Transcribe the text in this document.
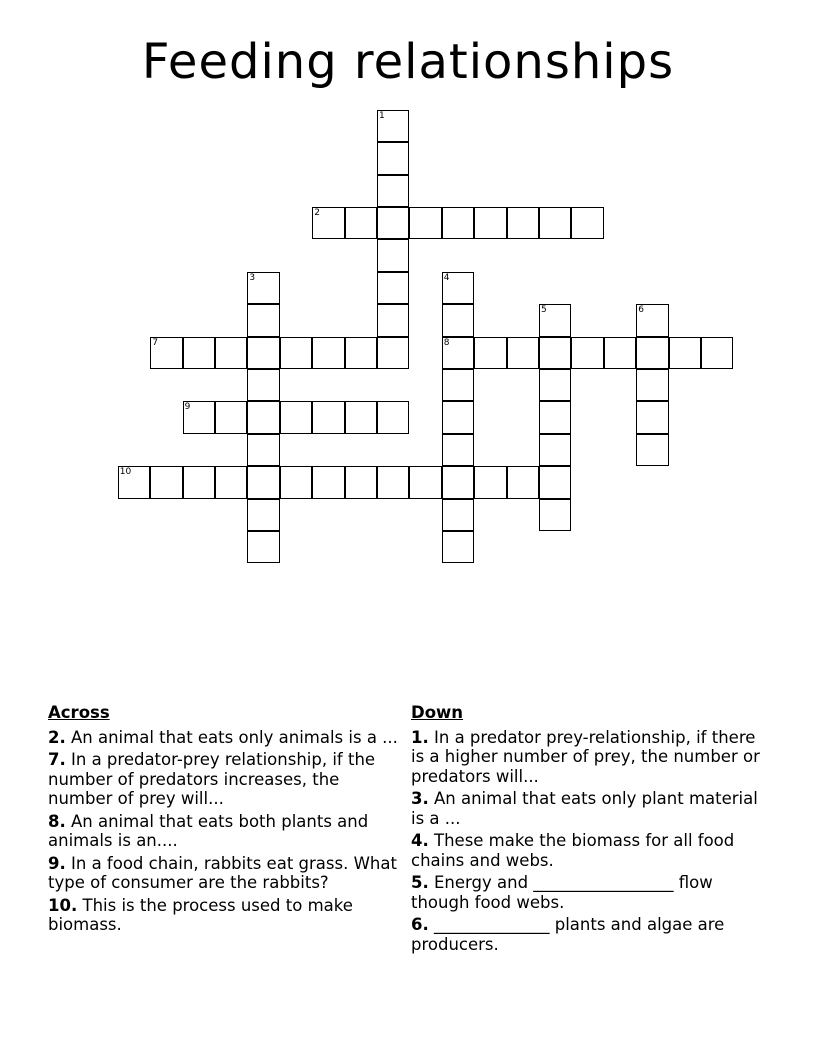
Feeding relationships
1
2
3	4
8
5	6
7
9
10
Across
2. An animal that eats only animals is a ...
7. In a predator-prey relationship, if the number of predators increases, the number of prey will...
8. An animal that eats both plants and animals is an....
9. In a food chain, rabbits eat grass. What type of consumer are the rabbits?
10. This is the process used to make biomass.
Down
1. In a predator prey-relationship, if there is a higher number of prey, the number or predators will...
3. An animal that eats only plant material is a ...
4. These make the biomass for all food chains and webs.
5. Energy and _________________ flow though food webs.
6. ______________ plants and algae are producers.
